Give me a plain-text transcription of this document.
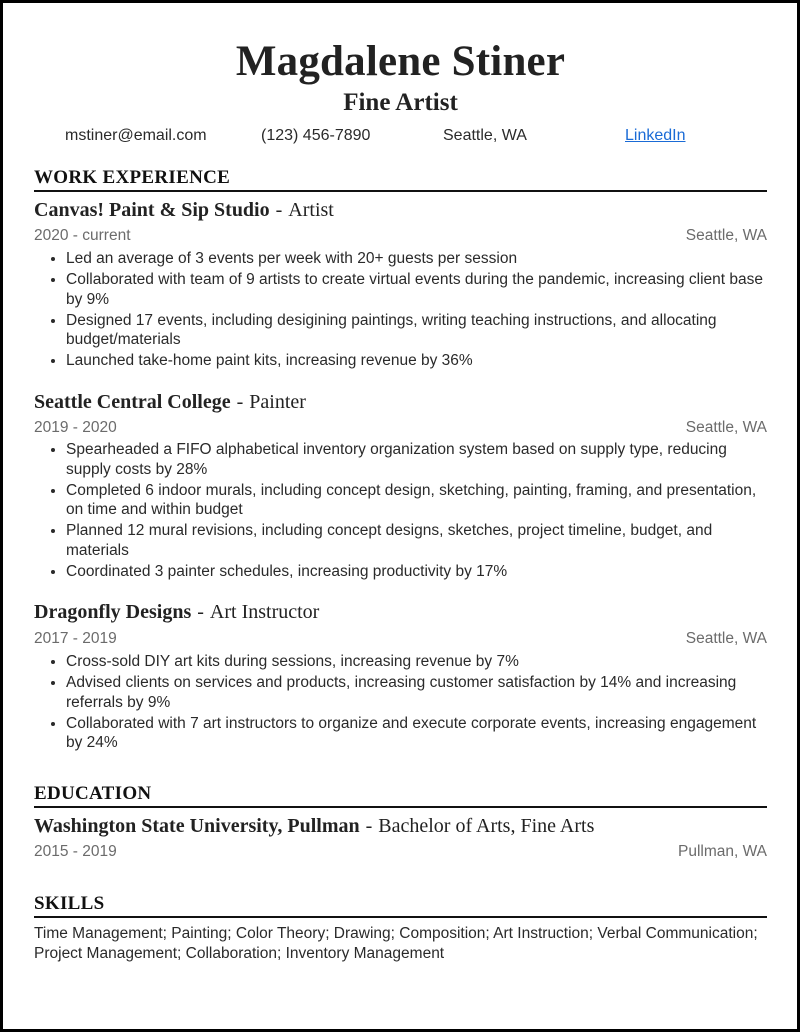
Magdalene Stiner
Fine Artist
mstiner@email.com	(123) 456-7890	Seattle, WA	LinkedIn
WORK EXPERIENCE
Canvas! Paint & Sip Studio - Artist
2020 - current	Seattle, WA
• Led an average of 3 events per week with 20+ guests per session
• Collaborated with team of 9 artists to create virtual events during the pandemic, increasing client base by 9%
• Designed 17 events, including desigining paintings, writing teaching instructions, and allocating budget/materials
• Launched take-home paint kits, increasing revenue by 36%
Seattle Central College - Painter
2019 - 2020	Seattle, WA
• Spearheaded a FIFO alphabetical inventory organization system based on supply type, reducing supply costs by 28%
• Completed 6 indoor murals, including concept design, sketching, painting, framing, and presentation, on time and within budget
• Planned 12 mural revisions, including concept designs, sketches, project timeline, budget, and materials
• Coordinated 3 painter schedules, increasing productivity by 17%
Dragonfly Designs - Art Instructor
2017 - 2019	Seattle, WA
• Cross-sold DIY art kits during sessions, increasing revenue by 7%
• Advised clients on services and products, increasing customer satisfaction by 14% and increasing referrals by 9%
• Collaborated with 7 art instructors to organize and execute corporate events, increasing engagement by 24%
EDUCATION
Washington State University, Pullman - Bachelor of Arts, Fine Arts
2015 - 2019	Pullman, WA
SKILLS
Time Management; Painting; Color Theory; Drawing; Composition; Art Instruction; Verbal Communication; Project Management; Collaboration; Inventory Management
